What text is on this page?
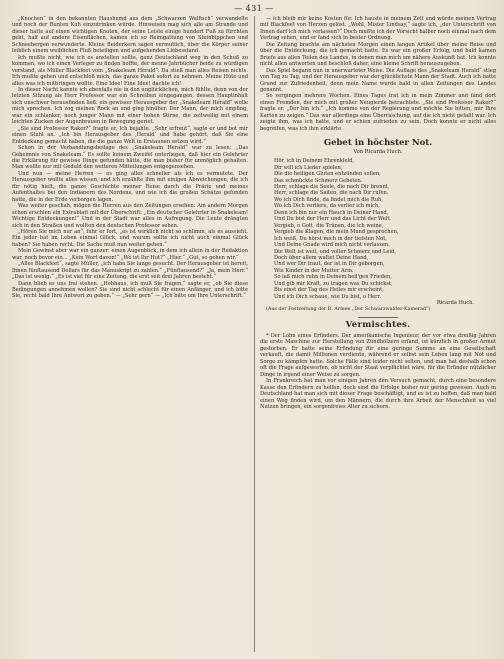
— 431 —

„Knochen“ in den bekannten Haushemd aus dem „Schwarzen Walfisch“ verwandelte und noch der Bunten Kuh einzutrinken würde. Hinweisen mag sich alle am Strande und dieser hatte auf einen wichtigen Knoten, der seine Leiste einige hundert Fuß zu fürchten geht, half auf andere Eisenflächen, kamen ich so Reimgattung von Steinbippchen und Schneebergen verwunderte. Kleine Beiderkern sagen vermutlich, über die Körper seiner leiblich einem weiblichen Fluß beteiligen und aufgehenden Liebesstand.

Ich mußte nicht, wie ich es anstellen sollte, ganz Deutschland weg in den Schuß zu kommen, wo ich einen Verleger zu finden hoffte, der meine Jahrbücher beide zu würdigen verstand, als Müller Blackfeet vom „Snakeleam Herald“. Da stieß man alles Reisen nichts. Ich mußte gehen und entschloß mich, das ganze Paket sofort zu nehmen. Meine Hüte und alles was ich mitbringen wollte. Eine Idee! Eine Idee! dachte ich!

In dieser Nacht kannte ich ebenfalls nie in den unglücklichen, mich fühlte, denn von der letzten Sitzung als Herr Professor war ein Schreiben eingegangen, dessen Hauptinhalt sich unschwer herausfinden ließ: ein gewisser Herausgeber der „Snakeleam Herald“ wolle mich sprechen. Ich zog meinen Rock an und ging hinüber. Der Mann, der mich empfing, war ein schlanker, noch junger Mann mit einer hohen Stirne, die zeitweilig mit einem leichten Zucken der Augenbrauen in Bewegung geriet.

„Sie sind Professor Raker?“ fragte er. Ich bejahte. „Sehr erfreut“, sagte er und bot mir einen Stuhl an. „Ich bin Herausgeber des ‚Herald‘ und habe gehört, daß Sie eine Entdeckung gemacht haben, die die ganze Welt in Erstaunen setzen wird.“

Schon in der Verhandlungsbeilage des „Snakeleam Herald“ war zu lesen: „Das Geheimnis von Snakeleam.“ Es sollte keinem Zweifel unterliegen, daß hier ein Gelehrter die Erklärung für gewisse Dinge gefunden hätte, die man bisher für unmöglich gehalten. Man wollte nur mit Geduld den weiteren Mitteilungen entgegensehen.

Und nun — meine Herren — es ging alles schneller als ich es vermutete. Der Herausgeber wollte alles wissen, und ich erzählte ihm mit einigen Abweichungen, die ich für nötig hielt, die ganze Geschichte meiner Reise durch die Prärie und meines Aufenthaltes bei den Indianern des Nordens, und wie ich die großen Schätze gefunden hatte, die in der Erde verborgen lagen.

Was weiter geschah, mögen die Herren aus den Zeitungen ersehen: Am andern Morgen schon erschien ein Extrablatt mit der Überschrift: „Ein deutscher Gelehrter in Snakeleam! Wichtige Entdeckungen!“ Und in der Stadt war alles in Aufregung. Die Leute drängten sich in den Straßen und wollten den deutschen Professor sehen.

„Hören Sie mich nur an“, fuhr er fort, „es ist wirklich nicht so schlimm, als es aussieht. Ein jeder hat im Leben einmal Glück, und warum sollte ich nicht auch einmal Glück haben? Sie haben recht. Die Sache muß nun weiter gehen.“

Mein Gewinst aber war ein ganzer: einen Augenblick, in dem ich allein in der Redaktion war, noch bevor ein... „Kein Wort davon!“ „Wo ist Ihr Hut?“ „Hier.“ „Gut, so gehen wir.“

„Alles Blackfeet“, sagte Müller, „ich habe Sie lange gesucht. Der Herausgeber ist bereit, Ihnen fünftausend Dollars für das Manuskript zu zahlen.“ „Fünftausend?“ „Ja, mein Herr.“ „Das ist wenig.“ „Es ist viel für eine Zeitung, die erst seit drei Jahren besteht.“

Dann blieb es uns frei stehen. „Hobhaus, ich muß Sie fragen,“ sagte er, „ob Sie diese Bedingungen annehmen wollen? Sie sind nicht schlecht für einen Anfänger, und ich bitte Sie, recht bald Ihre Antwort zu geben.“ — „Sehr gern“ — „Ich bitte um Ihre Unterschrift.“

— ich bleib mir keine Kosten für. Ich hauste in meinem Zelt und würde meinen Vertrag mit Blackfeet von Herzen gelöst. „Wohl, Mister Lindsay,“ sagte ich, „der Unterschrift von Ihnen darf ich mich verlassen?“ Doch mußte ich der Vorsicht halber noch einmal nach dem Vertrag sehen, und er fand sich in bester Ordnung.

Die Zeitung brachte am nächsten Morgen einen langen Artikel über meine Reise und über die Entdeckung, die ich gemacht hatte. Es war ein großer Erfolg, und bald kamen Briefe aus allen Teilen des Landes, in denen man mich um nähere Auskunft bat. Ich konnte nicht allen antworten und beschloß daher, eine kleine Schrift herauszugeben.

Das Spiel begann nun in unerwarteter Weise. Die Auflage des „Snakeleam Herald“ stieg von Tag zu Tag, und der Herausgeber war der glücklichste Mann der Stadt. Auch ich hatte Grund zur Zufriedenheit, denn mein Name wurde bald in allen Zeitungen des Landes genannt.

So vergingen mehrere Wochen. Eines Tages trat ich in mein Zimmer und fand dort einen Fremden, der mich mit großer Neugierde betrachtete. „Sie sind Professor Raker?“ fragte er. „Der bin ich.“ „Ich komme von der Regierung und möchte Sie bitten, mir Ihre Karten zu zeigen.“ Das war allerdings eine Überraschung, auf die ich nicht gefaßt war. Ich zeigte ihm, was ich hatte, und er schien zufrieden zu sein. Doch konnte er nicht alles begreifen, was ich ihm erklärte.

Gebet in höchster Not.
Von Ricarda Huch.
Hör, ich in Deinem Ehrenkleid,
Dir will ich Lieder spielen,
Die die heiligen Gluten entzünden sollen,
Das schmückte Schmerz Gebeten.
Herr, schlage die Seele, die nach Dir brennt,
Herr, schlage die Saiten, die nach Dir rufen.
Wo ich Dich finde, da findet mich die Ruh,
Wo ich Dich verliere, da verlier ich mich,
Denn ich bin nur ein Hauch in Deiner Hand,
Und Du bist der Herr und das Licht der Welt.
Vergieb, o Gott, die Tränen, die ich weine,
Vergieb die Klagen, die mein Mund gesprochen,
Ich weiß, Du hörst mich in der tiefsten Not,
Und Deine Gnade wird mich nicht verlassen.
Die Welt ist weit, und voller Schmerz und Leid,
Doch über allem waltet Deine Hand,
Und wer Dir traut, der ist in Dir geborgen,
Wie Kinder in der Mutter Arm.
So laß mich ruhn in Deinem heil'gen Frieden,
Und gib mir Kraft, zu tragen was Du schickst,
Bis einst der Tag des Heiles mir erscheint,
Und ich Dich schaue, wie Du bist, o Herr.
Ricarda Huch.
(Aus der Festzeitung der B. Armee „Der Schwarzwalder-Kamerad“)
Vermischtes.

* Der Lohn eines Erfinders. Der amerikanische Ingenieur, der vor etwa dreißig Jahren die erste Maschine zur Herstellung von Zündhölzern erfand, ist kürzlich in großer Armut gestorben. Er hatte seine Erfindung für eine geringe Summe an eine Gesellschaft verkauft, die damit Millionen verdiente, während er selbst sein Leben lang mit Not und Sorge zu kämpfen hatte. Solche Fälle sind leider nicht selten, und man hat deshalb schon oft die Frage aufgeworfen, ob nicht der Staat verpflichtet wäre, für die Erfinder nützlicher Dinge in irgend einer Weise zu sorgen.

In Frankreich hat man vor einigen Jahren den Versuch gemacht, durch eine besondere Kasse den Erfindern zu helfen, doch sind die Erfolge bisher nur gering gewesen. Auch in Deutschland hat man sich mit dieser Frage beschäftigt, und es ist zu hoffen, daß man bald einen Weg finden wird, um den Männern, die durch ihre Arbeit der Menschheit so viel Nutzen bringen, ein sorgenfreies Alter zu sichern.
